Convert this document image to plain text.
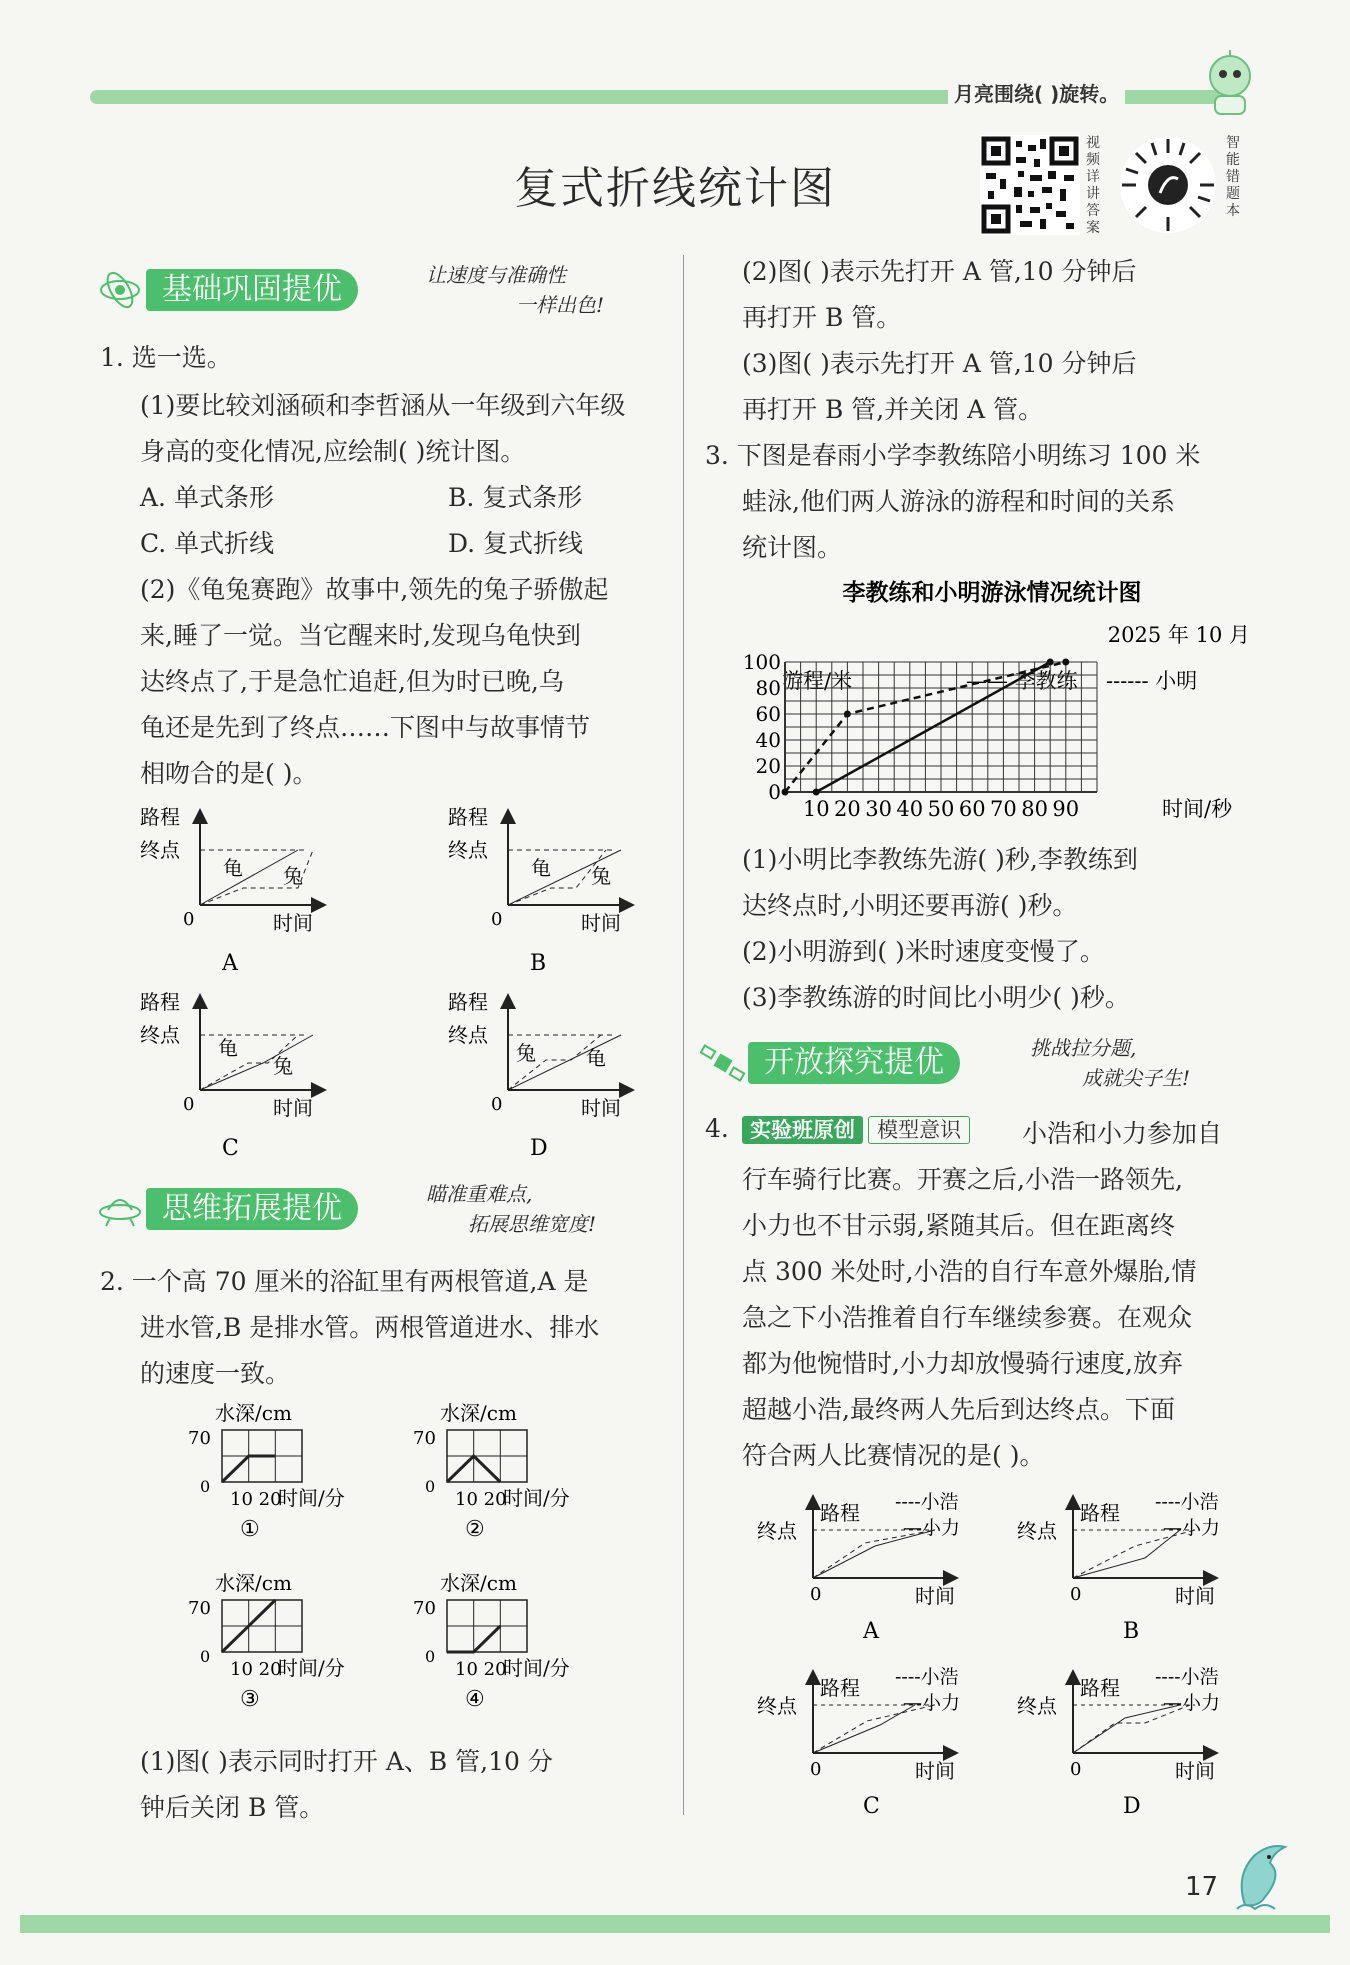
月亮围绕( )旋转。
复式折线统计图
视频详讲答案
智能错题本
基础巩固提优	让速度与准确性
一样出色!
1. 选一选。
(1)要比较刘涵硕和李哲涵从一年级到六年级
身高的变化情况,应绘制( )统计图。
A. 单式条形	B. 复式条形
C. 单式折线	D. 复式折线
(2)《龟兔赛跑》故事中,领先的兔子骄傲起
来,睡了一觉。当它醒来时,发现乌龟快到
达终点了,于是急忙追赶,但为时已晚,乌
龟还是先到了终点……下图中与故事情节
相吻合的是( )。
路程
终点
龟 兔
0	时间
A
路程
终点
龟 兔
0	时间
B
路程
终点
龟
兔
0	时间
C
路程
终点
兔	龟
0	时间
D
思维拓展提优	瞄准重难点,
拓展思维宽度!
2. 一个高 70 厘米的浴缸里有两根管道,A 是
进水管,B 是排水管。两根管道进水、排水
的速度一致。
水深/cm
70
0
10 20
时间/分
①
水深/cm
70
0
10 20
时间/分
②
水深/cm
70
0
10 20
时间/分
③
水深/cm
70
0
10 20
时间/分
④
(1)图( )表示同时打开 A、B 管,10 分
钟后关闭 B 管。
(2)图( )表示先打开 A 管,10 分钟后
再打开 B 管。
(3)图( )表示先打开 A 管,10 分钟后
再打开 B 管,并关闭 A 管。
3. 下图是春雨小学李教练陪小明练习 100 米
蛙泳,他们两人游泳的游程和时间的关系
统计图。
李教练和小明游泳情况统计图
2025 年 10 月
游程/米	—— 李教练 ------ 小明
10 20 30 40 50 60 70 80 90
0
20
40
60
80
100
时间/秒
(1)小明比李教练先游( )秒,李教练到
达终点时,小明还要再游( )秒。
(2)小明游到( )米时速度变慢了。
(3)李教练游的时间比小明少( )秒。
开放探究提优	挑战拉分题,
成就尖子生!
4.	实验班原创 模型意识	小浩和小力参加自
行车骑行比赛。开赛之后,小浩一路领先,
小力也不甘示弱,紧随其后。但在距离终
点 300 米处时,小浩的自行车意外爆胎,情
急之下小浩推着自行车继续参赛。在观众
都为他惋惜时,小力却放慢骑行速度,放弃
超越小浩,最终两人先后到达终点。下面
符合两人比赛情况的是( )。
终点
路程 ----小浩
—小力
0	时间
A
终点
路程 ----小浩
—小力
0	时间
B
终点
路程 ----小浩
—小力
0	时间
C
终点
路程 ----小浩
—小力
0	时间
D
17
